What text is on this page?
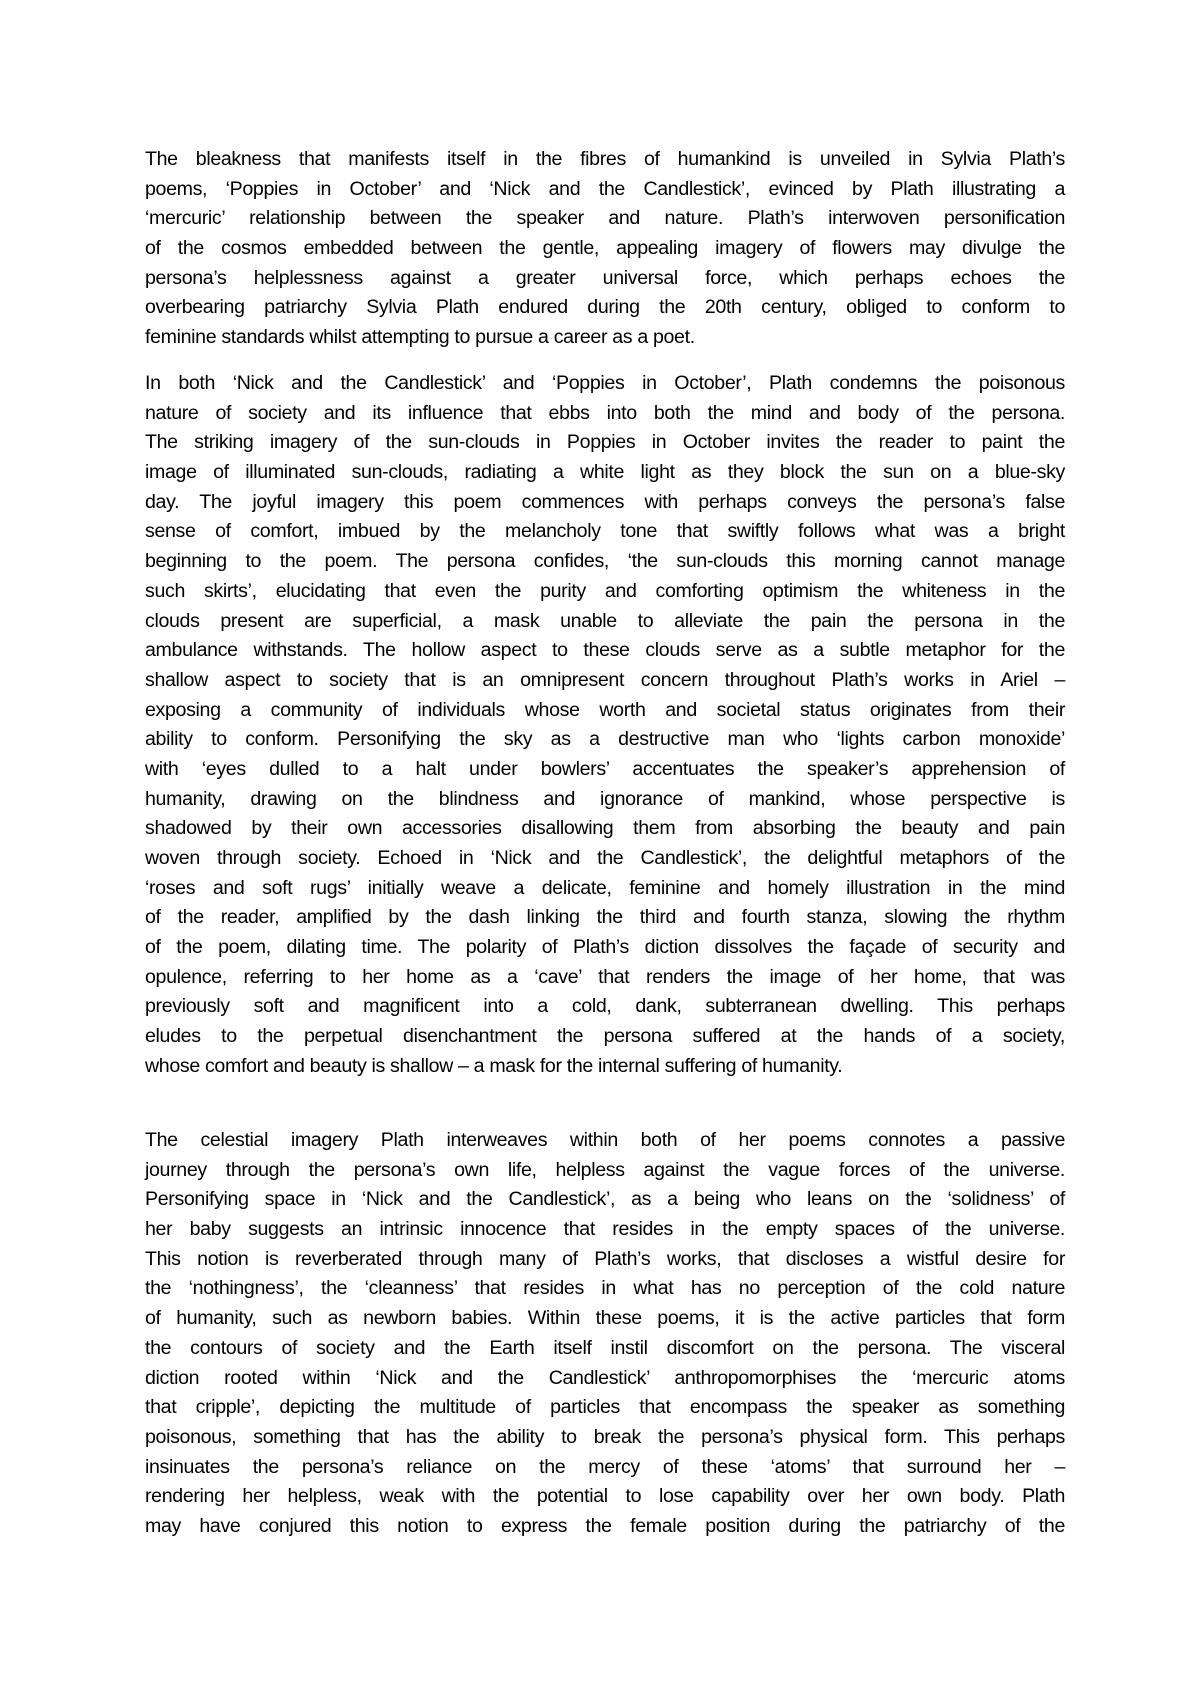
The bleakness that manifests itself in the fibres of humankind is unveiled in Sylvia Plath’s
poems, ‘Poppies in October’ and ‘Nick and the Candlestick’, evinced by Plath illustrating a
‘mercuric’ relationship between the speaker and nature. Plath’s interwoven personification
of the cosmos embedded between the gentle, appealing imagery of flowers may divulge the
persona’s helplessness against a greater universal force, which perhaps echoes the
overbearing patriarchy Sylvia Plath endured during the 20th century, obliged to conform to
feminine standards whilst attempting to pursue a career as a poet.
In both ‘Nick and the Candlestick’ and ‘Poppies in October’, Plath condemns the poisonous
nature of society and its influence that ebbs into both the mind and body of the persona.
The striking imagery of the sun-clouds in Poppies in October invites the reader to paint the
image of illuminated sun-clouds, radiating a white light as they block the sun on a blue-sky
day. The joyful imagery this poem commences with perhaps conveys the persona’s false
sense of comfort, imbued by the melancholy tone that swiftly follows what was a bright
beginning to the poem. The persona confides, ‘the sun-clouds this morning cannot manage
such skirts’, elucidating that even the purity and comforting optimism the whiteness in the
clouds present are superficial, a mask unable to alleviate the pain the persona in the
ambulance withstands. The hollow aspect to these clouds serve as a subtle metaphor for the
shallow aspect to society that is an omnipresent concern throughout Plath’s works in Ariel –
exposing a community of individuals whose worth and societal status originates from their
ability to conform. Personifying the sky as a destructive man who ‘lights carbon monoxide’
with ‘eyes dulled to a halt under bowlers’ accentuates the speaker’s apprehension of
humanity, drawing on the blindness and ignorance of mankind, whose perspective is
shadowed by their own accessories disallowing them from absorbing the beauty and pain
woven through society. Echoed in ‘Nick and the Candlestick’, the delightful metaphors of the
‘roses and soft rugs’ initially weave a delicate, feminine and homely illustration in the mind
of the reader, amplified by the dash linking the third and fourth stanza, slowing the rhythm
of the poem, dilating time. The polarity of Plath’s diction dissolves the façade of security and
opulence, referring to her home as a ‘cave’ that renders the image of her home, that was
previously soft and magnificent into a cold, dank, subterranean dwelling. This perhaps
eludes to the perpetual disenchantment the persona suffered at the hands of a society,
whose comfort and beauty is shallow – a mask for the internal suffering of humanity.
The celestial imagery Plath interweaves within both of her poems connotes a passive
journey through the persona’s own life, helpless against the vague forces of the universe.
Personifying space in ‘Nick and the Candlestick’, as a being who leans on the ‘solidness’ of
her baby suggests an intrinsic innocence that resides in the empty spaces of the universe.
This notion is reverberated through many of Plath’s works, that discloses a wistful desire for
the ‘nothingness’, the ‘cleanness’ that resides in what has no perception of the cold nature
of humanity, such as newborn babies. Within these poems, it is the active particles that form
the contours of society and the Earth itself instil discomfort on the persona. The visceral
diction rooted within ‘Nick and the Candlestick’ anthropomorphises the ‘mercuric atoms
that cripple’, depicting the multitude of particles that encompass the speaker as something
poisonous, something that has the ability to break the persona’s physical form. This perhaps
insinuates the persona’s reliance on the mercy of these ‘atoms’ that surround her –
rendering her helpless, weak with the potential to lose capability over her own body. Plath
may have conjured this notion to express the female position during the patriarchy of the
